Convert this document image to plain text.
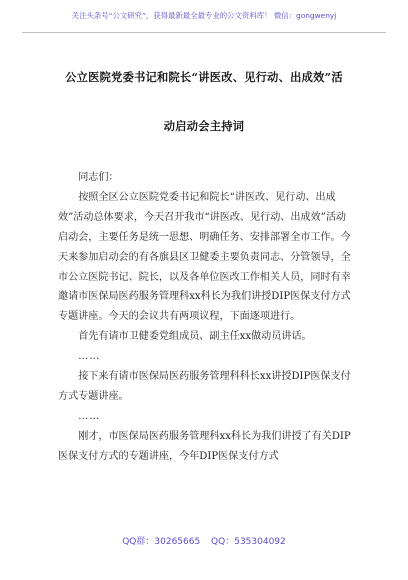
关注头条号“公文研究”，获得最新最全最专业的公文资料库！ 微信：gongwenyj
公立医院党委书记和院长“讲医改、见行动、出成效”活
动启动会主持词

同志们：

按照全区公立医院党委书记和院长“讲医改、见行动、出成效”活动总体要求，今天召开我市“讲医改、见行动、出成效”活动启动会，主要任务是统一思想、明确任务、安排部署全市工作。今天来参加启动会的有各旗县区卫健委主要负责同志、分管领导，全市公立医院书记、院长，以及各单位医改工作相关人员，同时有幸邀请市医保局医药服务管理科xx科长为我们讲授DIP医保支付方式专题讲座。今天的会议共有两项议程，下面逐项进行。

首先有请市卫健委党组成员、副主任xx做动员讲话。

……

接下来有请市医保局医药服务管理科科长xx讲授DIP医保支付方式专题讲座。

……

刚才，市医保局医药服务管理科xx科长为我们讲授了有关DIP医保支付方式的专题讲座，今年DIP医保支付方式

QQ群：30265665 QQ：535304092
